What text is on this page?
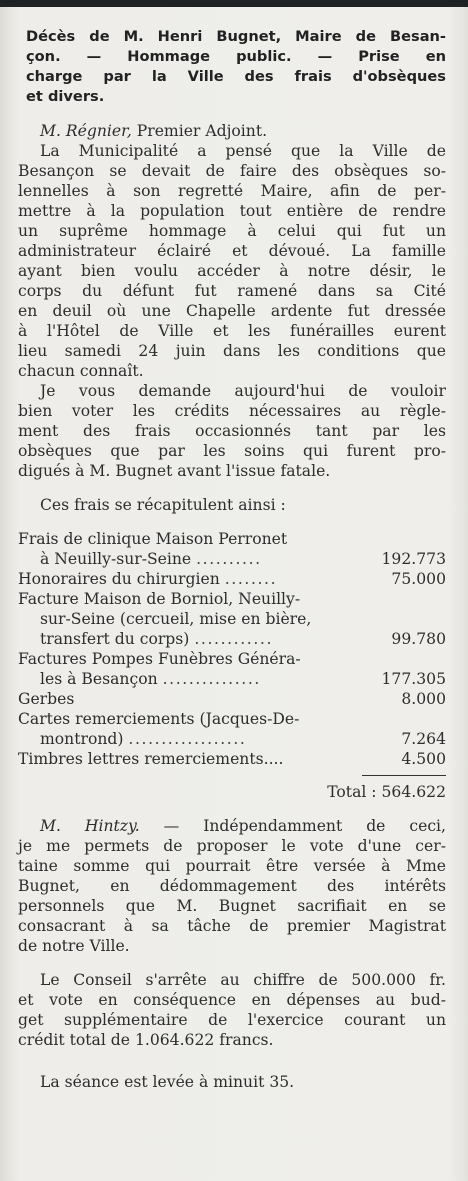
Décès de M. Henri Bugnet, Maire de Besan-
çon. — Hommage public. — Prise en
charge par la Ville des frais d'obsèques
et divers.
M. Régnier, Premier Adjoint.
La Municipalité a pensé que la Ville de
Besançon se devait de faire des obsèques so-
lennelles à son regretté Maire, afin de per-
mettre à la population tout entière de rendre
un suprême hommage à celui qui fut un
administrateur éclairé et dévoué. La famille
ayant bien voulu accéder à notre désir, le
corps du défunt fut ramené dans sa Cité
en deuil où une Chapelle ardente fut dressée
à l'Hôtel de Ville et les funérailles eurent
lieu samedi 24 juin dans les conditions que
chacun connaît.
Je vous demande aujourd'hui de vouloir
bien voter les crédits nécessaires au règle-
ment des frais occasionnés tant par les
obsèques que par les soins qui furent pro-
digués à M. Bugnet avant l'issue fatale.
Ces frais se récapitulent ainsi :
Frais de clinique Maison Perronet
à Neuilly-sur-Seine ..........	192.773
Honoraires du chirurgien ........	75.000
Facture Maison de Borniol, Neuilly-
sur-Seine (cercueil, mise en bière,
transfert du corps) ............	99.780
Factures Pompes Funèbres Généra-
les à Besançon ...............	177.305
Gerbes	8.000
Cartes remerciements (Jacques-De-
montrond) ..................	7.264
Timbres lettres remerciements....	4.500
Total : 564.622
M. Hintzy. — Indépendamment de ceci,
je me permets de proposer le vote d'une cer-
taine somme qui pourrait être versée à Mme
Bugnet, en dédommagement des intérêts
personnels que M. Bugnet sacrifiait en se
consacrant à sa tâche de premier Magistrat
de notre Ville.
Le Conseil s'arrête au chiffre de 500.000 fr.
et vote en conséquence en dépenses au bud-
get supplémentaire de l'exercice courant un
crédit total de 1.064.622 francs.
La séance est levée à minuit 35.
